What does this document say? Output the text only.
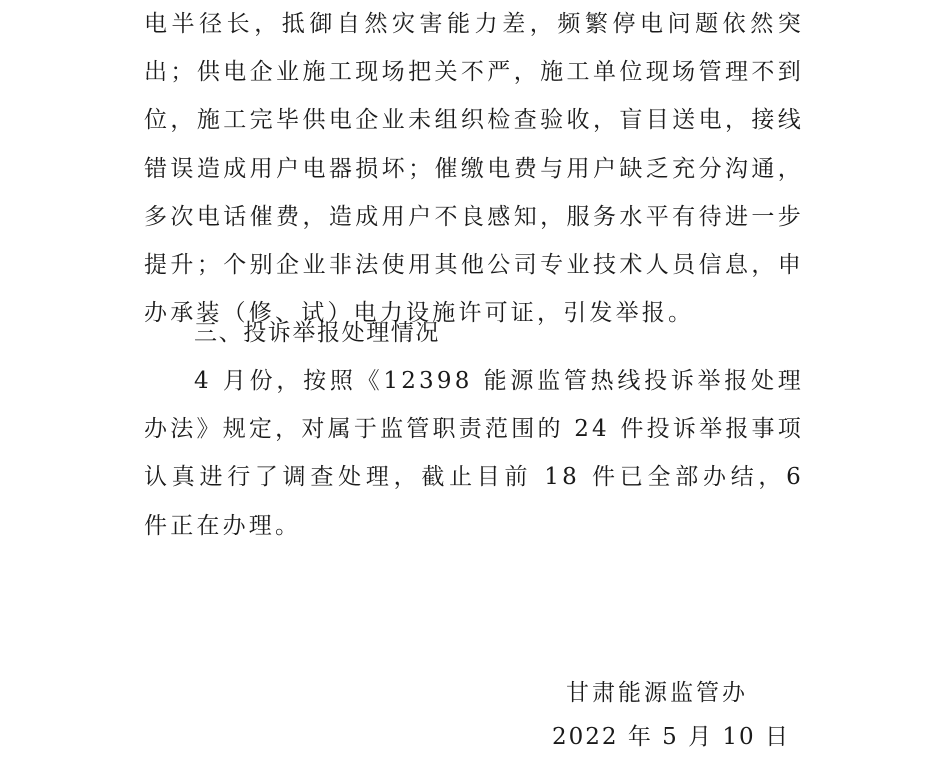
电半径长，抵御自然灾害能力差，频繁停电问题依然突出；供电企业施工现场把关不严，施工单位现场管理不到位，施工完毕供电企业未组织检查验收，盲目送电，接线错误造成用户电器损坏；催缴电费与用户缺乏充分沟通，多次电话催费，造成用户不良感知，服务水平有待进一步提升；个别企业非法使用其他公司专业技术人员信息，申办承装（修、试）电力设施许可证，引发举报。

三、投诉举报处理情况

4 月份，按照《12398 能源监管热线投诉举报处理办法》规定，对属于监管职责范围的 24 件投诉举报事项认真进行了调查处理，截止目前 18 件已全部办结，6 件正在办理。

甘肃能源监管办

2022 年 5 月 10 日
